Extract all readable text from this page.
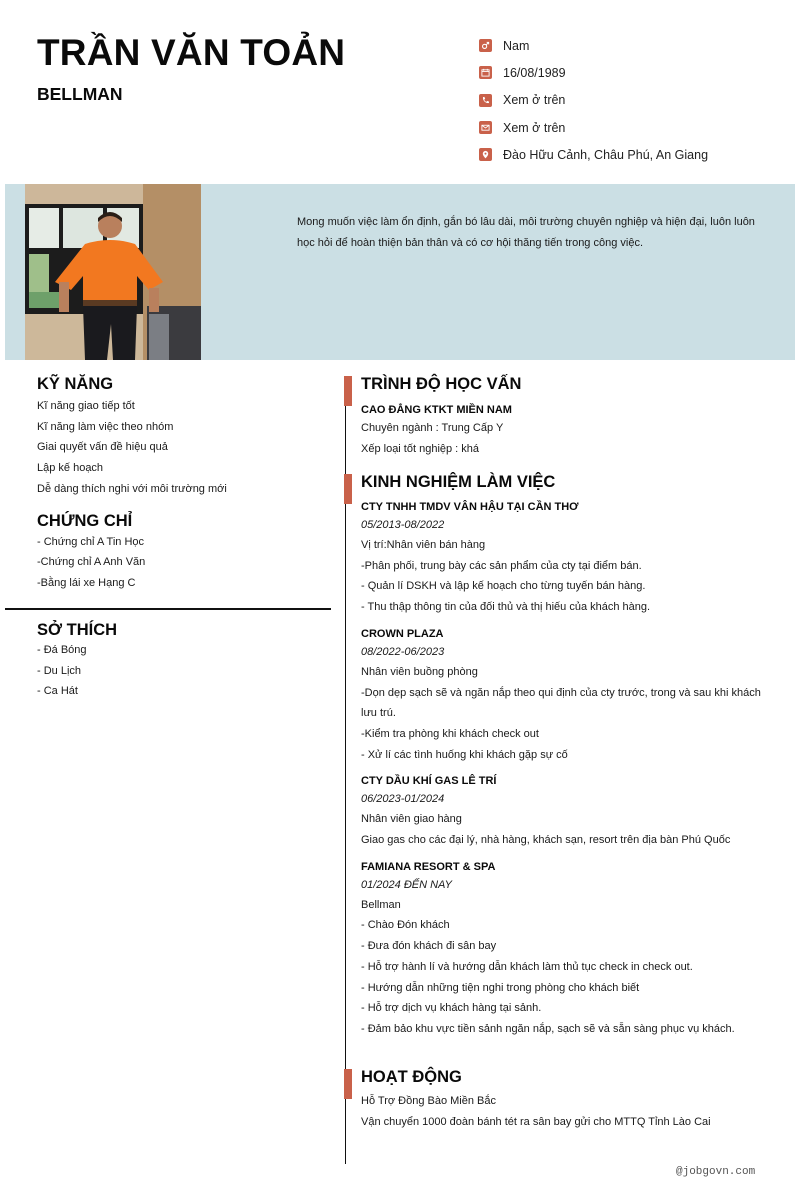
TRẦN VĂN TOẢN
BELLMAN
Nam
16/08/1989
Xem ở trên
Xem ở trên
Đào Hữu Cảnh, Châu Phú, An Giang
Mong muốn việc làm ổn định, gắn bó lâu dài, môi trường chuyên nghiệp và hiện đại, luôn luôn học hỏi để hoàn thiện bản thân và có cơ hội thăng tiến trong công việc.
KỸ NĂNG
Kĩ năng giao tiếp tốt
Kĩ năng làm việc theo nhóm
Giai quyết vấn đề hiệu quả
Lập kế hoạch
Dễ dàng thích nghi với môi trường mới
CHỨNG CHỈ
- Chứng chỉ A Tin Học
-Chứng chỉ A Anh Văn
-Bằng lái xe Hạng C
SỞ THÍCH
- Đá Bóng
- Du Lịch
- Ca Hát
TRÌNH ĐỘ HỌC VẤN
CAO ĐẲNG KTKT MIỀN NAM
Chuyên ngành : Trung Cấp Y
Xếp loại tốt nghiệp : khá
KINH NGHIỆM LÀM VIỆC
CTY TNHH TMDV VÂN HẬU TẠI CẦN THƠ
05/2013-08/2022
Vị trí:Nhân viên bán hàng
-Phân phối, trung bày các sản phẩm của cty tại điểm bán.
- Quản lí DSKH và lập kế hoạch cho từng tuyến bán hàng.
- Thu thập thông tin của đối thủ và thị hiếu của khách hàng.
CROWN PLAZA
08/2022-06/2023
Nhân viên buồng phòng
-Dọn dẹp sạch sẽ và ngăn nắp theo qui định của cty trước, trong và sau khi khách lưu trú.
-Kiểm tra phòng khi khách check out
- Xử lí các tình huống khi khách gặp sự cố
CTY DẦU KHÍ GAS LÊ TRÍ
06/2023-01/2024
Nhân viên giao hàng
Giao gas cho các đại lý, nhà hàng, khách sạn, resort trên địa bàn Phú Quốc
FAMIANA RESORT & SPA
01/2024 ĐẾN NAY
Bellman
- Chào Đón khách
- Đưa đón khách đi sân bay
- Hỗ trợ hành lí và hướng dẫn khách làm thủ tục check in check out.
- Hướng dẫn những tiện nghi trong phòng cho khách biết
- Hỗ trợ dịch vụ khách hàng tại sảnh.
- Đảm bảo khu vực tiền sảnh ngăn nắp, sạch sẽ và sẵn sàng phục vụ khách.
HOẠT ĐỘNG
Hỗ Trợ Đồng Bào Miền Bắc
Vận chuyển 1000 đoàn bánh tét ra sân bay gửi cho MTTQ Tỉnh Lào Cai
@jobgovn.com
